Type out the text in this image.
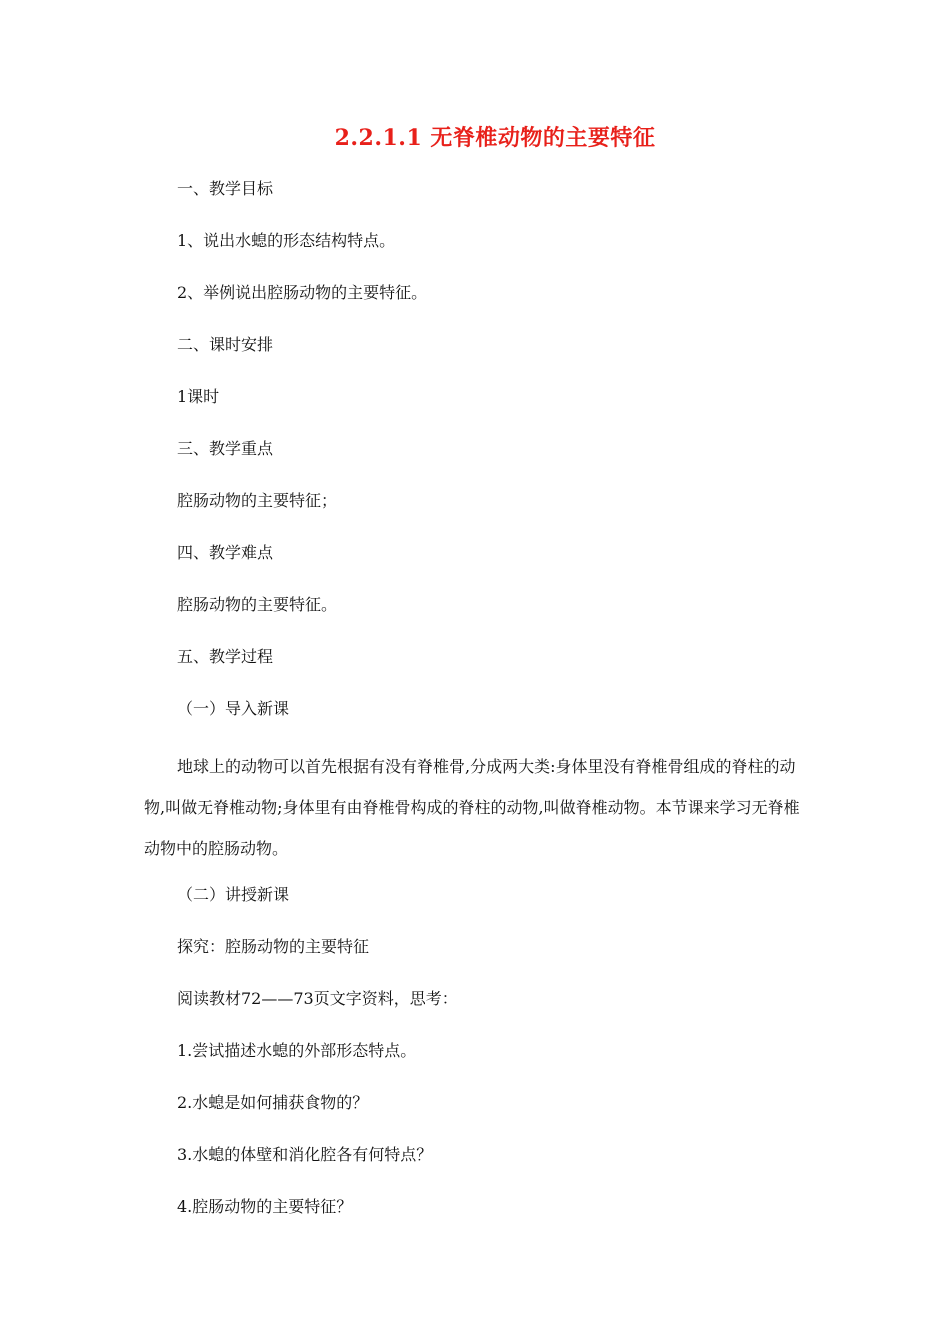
2.2.1.1 无脊椎动物的主要特征

一、教学目标

1、说出水螅的形态结构特点。

2、举例说出腔肠动物的主要特征。

二、课时安排

1课时

三、教学重点

腔肠动物的主要特征；

四、教学难点

腔肠动物的主要特征。

五、教学过程

（一）导入新课

地球上的动物可以首先根据有没有脊椎骨,分成两大类:身体里没有脊椎骨组成的脊柱的动物,叫做无脊椎动物;身体里有由脊椎骨构成的脊柱的动物,叫做脊椎动物。本节课来学习无脊椎动物中的腔肠动物。

（二）讲授新课

探究：腔肠动物的主要特征

阅读教材72——73页文字资料，思考：

1.尝试描述水螅的外部形态特点。

2.水螅是如何捕获食物的？

3.水螅的体壁和消化腔各有何特点？

4.腔肠动物的主要特征？
